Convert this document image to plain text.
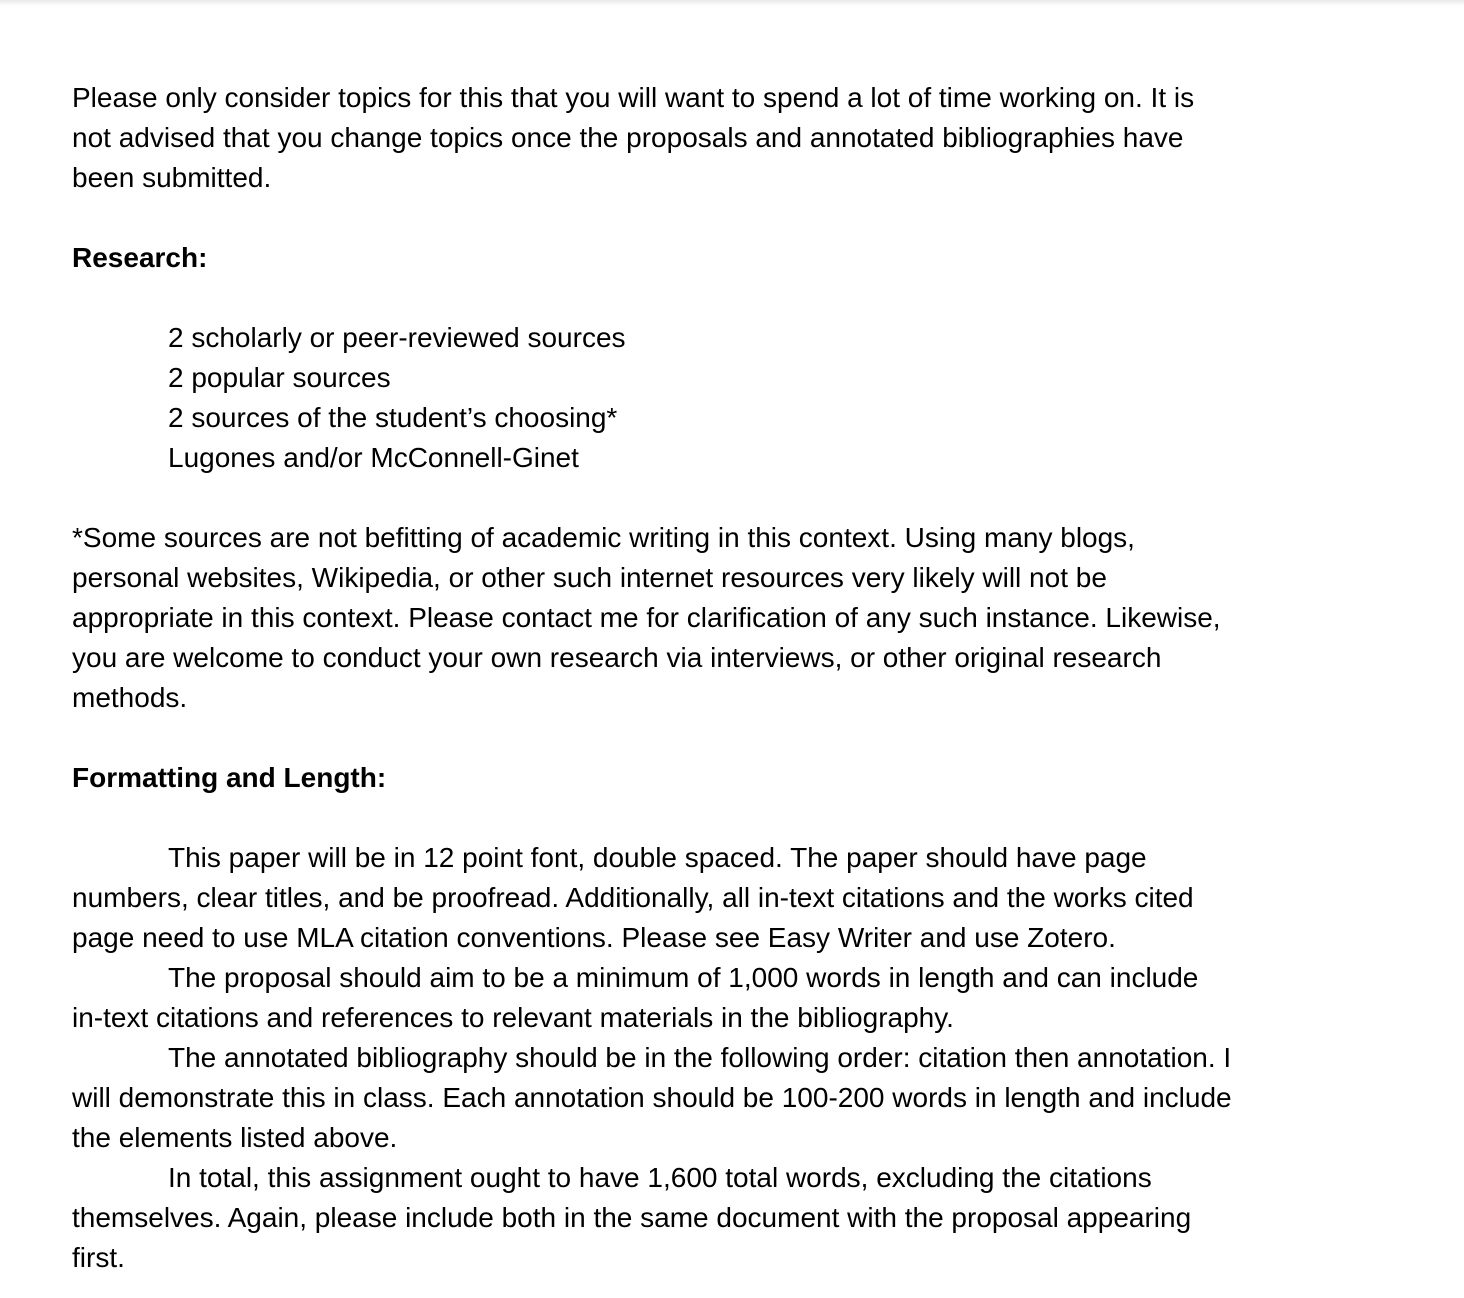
Please only consider topics for this that you will want to spend a lot of time working on. It is

not advised that you change topics once the proposals and annotated bibliographies have

been submitted.

Research:

2 scholarly or peer-reviewed sources

2 popular sources

2 sources of the student’s choosing*

Lugones and/or McConnell-Ginet

*Some sources are not befitting of academic writing in this context. Using many blogs,

personal websites, Wikipedia, or other such internet resources very likely will not be

appropriate in this context. Please contact me for clarification of any such instance. Likewise,

you are welcome to conduct your own research via interviews, or other original research

methods.

Formatting and Length:

This paper will be in 12 point font, double spaced. The paper should have page

numbers, clear titles, and be proofread. Additionally, all in-text citations and the works cited

page need to use MLA citation conventions. Please see Easy Writer and use Zotero.

The proposal should aim to be a minimum of 1,000 words in length and can include

in-text citations and references to relevant materials in the bibliography.

The annotated bibliography should be in the following order: citation then annotation. I

will demonstrate this in class. Each annotation should be 100-200 words in length and include

the elements listed above.

In total, this assignment ought to have 1,600 total words, excluding the citations

themselves. Again, please include both in the same document with the proposal appearing

first.
